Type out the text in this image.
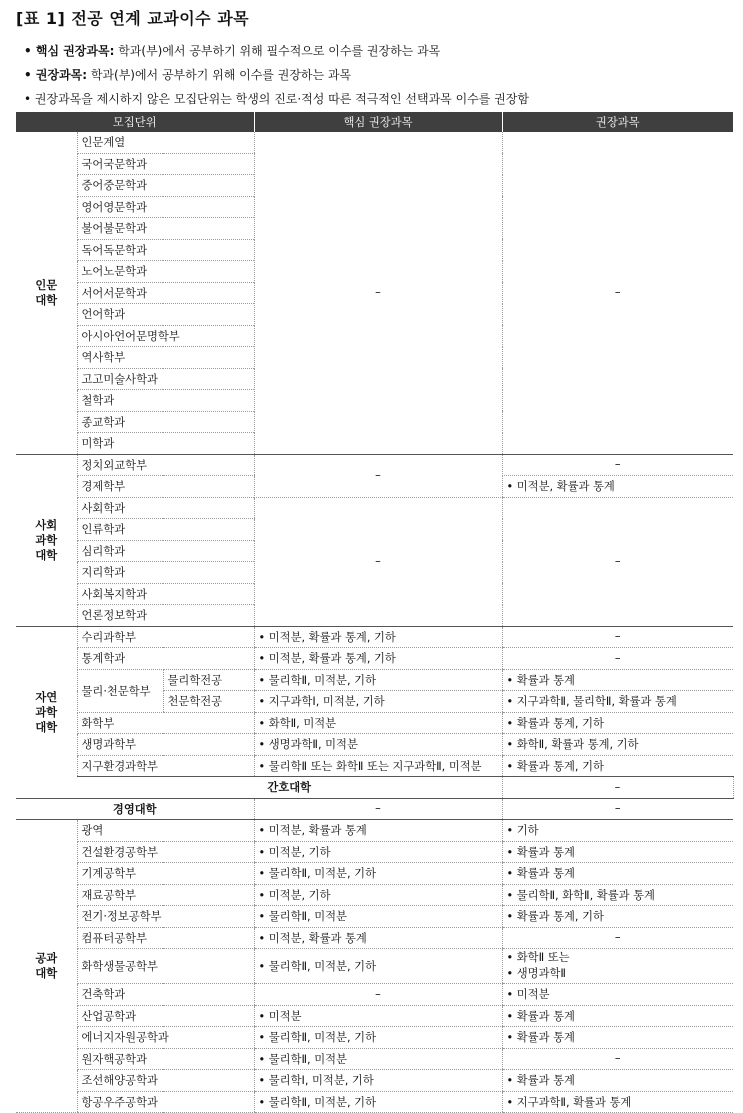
[표 1] 전공 연계 교과이수 과목
• 핵심 권장과목: 학과(부)에서 공부하기 위해 필수적으로 이수를 권장하는 과목
• 권장과목: 학과(부)에서 공부하기 위해 이수를 권장하는 과목
• 권장과목을 제시하지 않은 모집단위는 학생의 진로·적성 따른 적극적인 선택과목 이수를 권장함
모집단위			핵심 권장과목	권장과목	
인문
대학	인문계열		–	–	
	국어국문학과				
	중어중문학과				
	영어영문학과				
	불어불문학과				
	독어독문학과				
	노어노문학과				
	서어서문학과				
	언어학과				
	아시아언어문명학부				
	역사학부				
	고고미술사학과				
	철학과				
	종교학과				
	미학과				
사회
과학
대학	정치외교학부		–	–	
	경제학부			• 미적분, 확률과 통계	
	사회학과		–	–	
	인류학과				
	심리학과				
	지리학과				
	사회복지학과				
	언론정보학과				
자연
과학
대학	수리과학부		• 미적분, 확률과 통계, 기하	–	
	통계학과		• 미적분, 확률과 통계, 기하	–	
	물리·천문학부	물리학전공	• 물리학Ⅱ, 미적분, 기하	• 확률과 통계	
		천문학전공	• 지구과학Ⅰ, 미적분, 기하	• 지구과학Ⅱ, 물리학Ⅱ, 확률과 통계	
	화학부		• 화학Ⅱ, 미적분	• 확률과 통계, 기하	
	생명과학부		• 생명과학Ⅱ, 미적분	• 화학Ⅱ, 확률과 통계, 기하	
	지구환경과학부		• 물리학Ⅱ 또는 화학Ⅱ 또는 지구과학Ⅱ, 미적분	• 확률과 통계, 기하	
	간호대학			–	
경영대학			–	–	
공과
대학	광역		• 미적분, 확률과 통계	• 기하	
	건설환경공학부		• 미적분, 기하	• 확률과 통계	
	기계공학부		• 물리학Ⅱ, 미적분, 기하	• 확률과 통계	
	재료공학부		• 미적분, 기하	• 물리학Ⅱ, 화학Ⅱ, 확률과 통계	
	전기·정보공학부		• 물리학Ⅱ, 미적분	• 확률과 통계, 기하	
	컴퓨터공학부		• 미적분, 확률과 통계	–	
	화학생물공학부		• 물리학Ⅱ, 미적분, 기하	• 화학Ⅱ 또는
• 생명과학Ⅱ	

	건축학과		–	• 미적분	
	산업공학과		• 미적분	• 확률과 통계	
	에너지자원공학과		• 물리학Ⅱ, 미적분, 기하	• 확률과 통계	
	원자핵공학과		• 물리학Ⅱ, 미적분	–	
	조선해양공학과		• 물리학Ⅰ, 미적분, 기하	• 확률과 통계	
	항공우주공학과		• 물리학Ⅱ, 미적분, 기하	• 지구과학Ⅱ, 확률과 통계	
